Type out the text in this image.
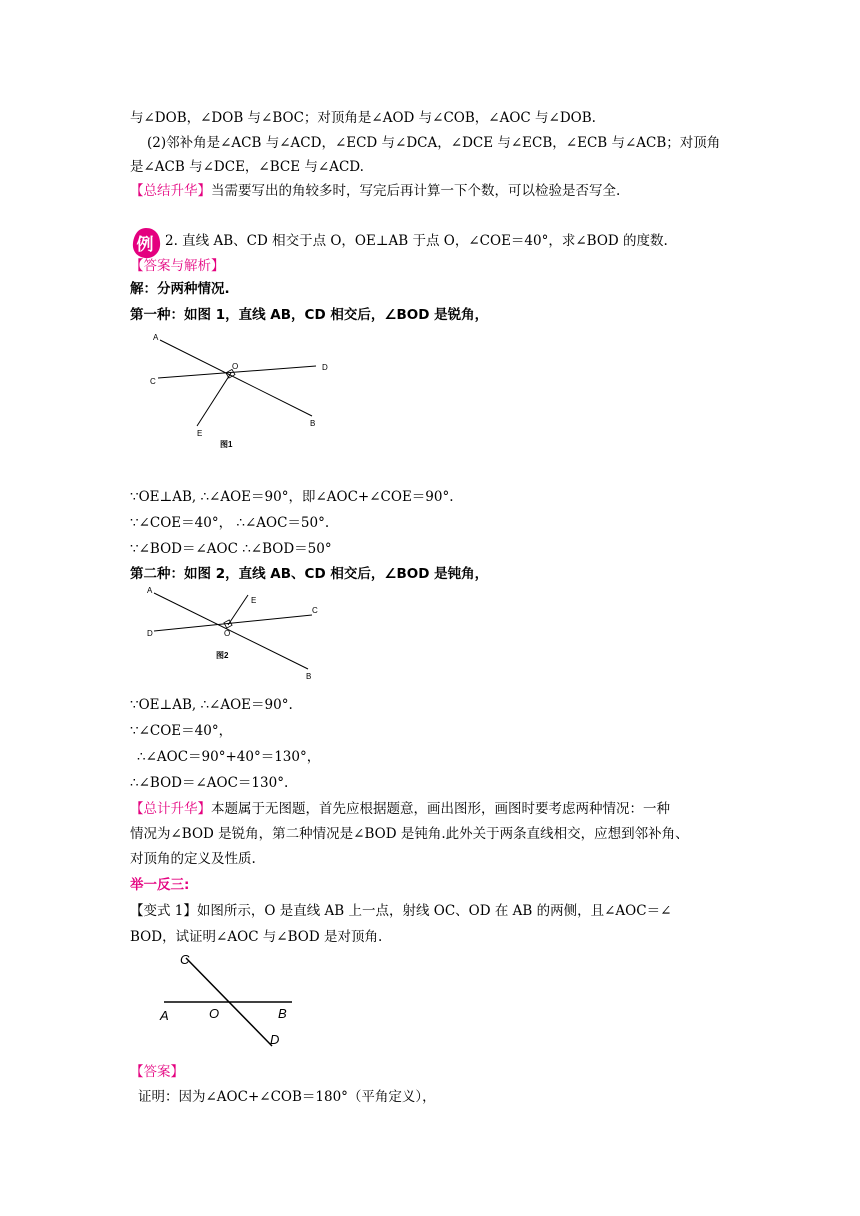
与∠DOB，∠DOB 与∠BOC；对顶角是∠AOD 与∠COB，∠AOC 与∠DOB.
(2)邻补角是∠ACB 与∠ACD，∠ECD 与∠DCA，∠DCE 与∠ECB，∠ECB 与∠ACB；对顶角
是∠ACB 与∠DCE，∠BCE 与∠ACD.
【总结升华】当需要写出的角较多时，写完后再计算一下个数，可以检验是否写全.
例 2. 直线 AB、CD 相交于点 O，OE⊥AB 于点 O，∠COE＝40°，求∠BOD 的度数.
【答案与解析】
解：分两种情况.
第一种：如图 1，直线 AB，CD 相交后，∠BOD 是锐角，
A
C
O	D
E
B
图1
∵OE⊥AB, ∴∠AOE＝90°，即∠AOC+∠COE＝90°.
∵∠COE＝40°， ∴∠AOC＝50°.
∵∠BOD＝∠AOC ∴∠BOD＝50°
第二种：如图 2，直线 AB、CD 相交后，∠BOD 是钝角，
A
D
E
C
O
B
图2
∵OE⊥AB, ∴∠AOE＝90°.
∵∠COE＝40°，
∴∠AOC＝90°+40°＝130°，
∴∠BOD＝∠AOC＝130°.
【总计升华】本题属于无图题，首先应根据题意，画出图形，画图时要考虑两种情况：一种
情况为∠BOD 是锐角，第二种情况是∠BOD 是钝角.此外关于两条直线相交，应想到邻补角、
对顶角的定义及性质.
举一反三:
【变式 1】如图所示，O 是直线 AB 上一点，射线 OC、OD 在 AB 的两侧，且∠AOC＝∠
BOD，试证明∠AOC 与∠BOD 是对顶角.
C
A	O	B
D
【答案】
证明：因为∠AOC+∠COB＝180°（平角定义），
